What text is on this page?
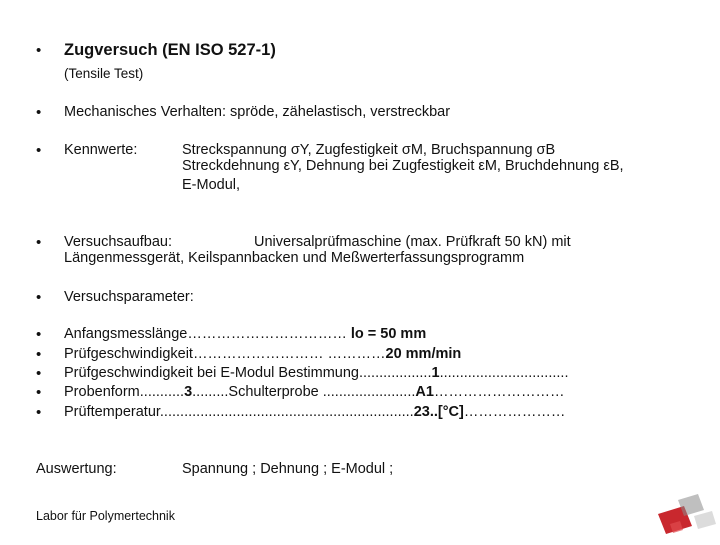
• Zugversuch (EN ISO 527-1)
(Tensile Test)
• Mechanisches Verhalten: spröde, zähelastisch, verstreckbar
• Kennwerte:	Streckspannung σY, Zugfestigkeit σM, Bruchspannung σB
Streckdehnung εY, Dehnung bei Zugfestigkeit εM, Bruchdehnung εB,
E-Modul,
• Versuchsaufbau:	Universalprüfmaschine (max. Prüfkraft 50 kN) mit
Längenmessgerät, Keilspannbacken und Meßwerterfassungsprogramm
• Versuchsparameter:
• Anfangsmesslänge…………………………… lo = 50 mm
• Prüfgeschwindigkeit……………………… …………20 mm/min
• Prüfgeschwindigkeit bei E-Modul Bestimmung..................1................................
• Probenform...........3.........Schulterprobe .......................A1………………………
• Prüftemperatur...............................................................23..[°C]…………………
Auswertung:	Spannung ; Dehnung ; E-Modul ;
Labor für Polymertechnik
